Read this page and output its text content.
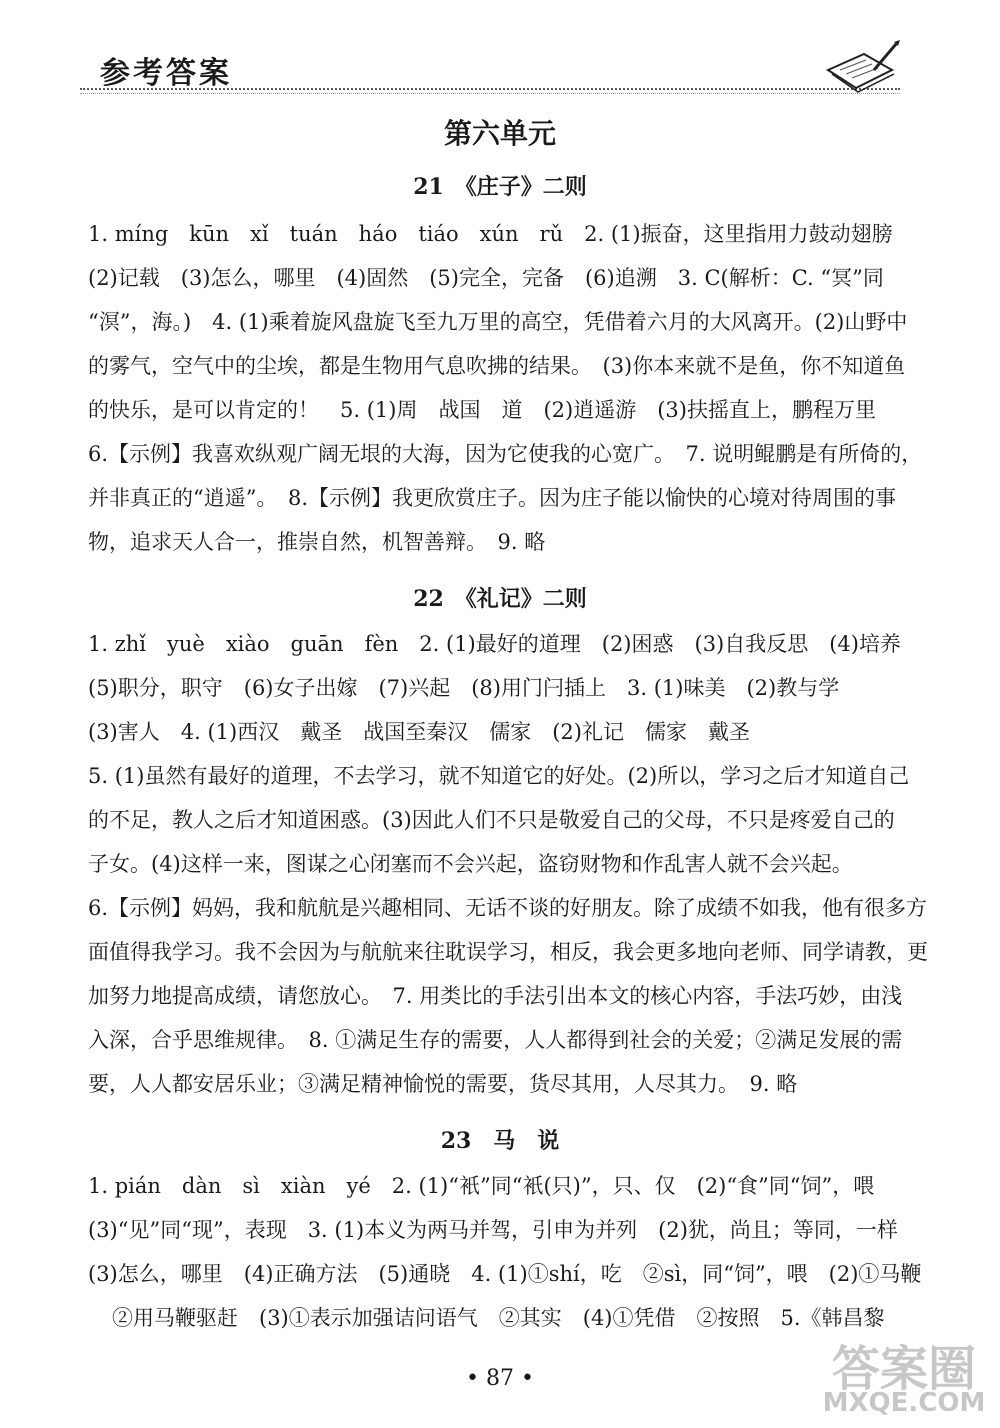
参考答案
第六单元
21　《庄子》二则
1. míng　kūn　xǐ　tuán　háo　tiáo　xún　rǔ　2. (1)振奋，这里指用力鼓动翅膀
(2)记载　(3)怎么，哪里　(4)固然　(5)完全，完备　(6)追溯　3. C(解析：C. “冥”同
“溟”，海。)　4. (1)乘着旋风盘旋飞至九万里的高空，凭借着六月的大风离开。(2)山野中
的雾气，空气中的尘埃，都是生物用气息吹拂的结果。　(3)你本来就不是鱼，你不知道鱼
的快乐，是可以肯定的！　5. (1)周　战国　道　(2)逍遥游　(3)扶摇直上，鹏程万里
6.【示例】我喜欢纵观广阔无垠的大海，因为它使我的心宽广。　7. 说明鲲鹏是有所倚的，
并非真正的“逍遥”。　8.【示例】我更欣赏庄子。因为庄子能以愉快的心境对待周围的事
物，追求天人合一，推崇自然，机智善辩。　9. 略
22　《礼记》二则
1. zhǐ　yuè　xiào　guān　fèn　2. (1)最好的道理　(2)困惑　(3)自我反思　(4)培养
(5)职分，职守　(6)女子出嫁　(7)兴起　(8)用门闩插上　3. (1)味美　(2)教与学
(3)害人　4. (1)西汉　戴圣　战国至秦汉　儒家　(2)礼记　儒家　戴圣
5. (1)虽然有最好的道理，不去学习，就不知道它的好处。(2)所以，学习之后才知道自己
的不足，教人之后才知道困惑。(3)因此人们不只是敬爱自己的父母，不只是疼爱自己的
子女。(4)这样一来，图谋之心闭塞而不会兴起，盗窃财物和作乱害人就不会兴起。
6.【示例】妈妈，我和航航是兴趣相同、无话不谈的好朋友。除了成绩不如我，他有很多方
面值得我学习。我不会因为与航航来往耽误学习，相反，我会更多地向老师、同学请教，更
加努力地提高成绩，请您放心。　7. 用类比的手法引出本文的核心内容，手法巧妙，由浅
入深，合乎思维规律。　8. ①满足生存的需要，人人都得到社会的关爱；②满足发展的需
要，人人都安居乐业；③满足精神愉悦的需要，货尽其用，人尽其力。　9. 略
23　马　说
1. pián　dàn　sì　xiàn　yé　2. (1)“衹”同“衹(只)”，只、仅　(2)“食”同“饲”，喂
(3)“见”同“现”，表现　3. (1)本义为两马并驾，引申为并列　(2)犹，尚且；等同，一样
(3)怎么，哪里　(4)正确方法　(5)通晓　4. (1)①shí，吃　②sì，同“饲”，喂　(2)①马鞭
②用马鞭驱赶　(3)①表示加强诘问语气　②其实　(4)①凭借　②按照　5.《韩昌黎
• 87 •	答案圈
MXQE.COM
